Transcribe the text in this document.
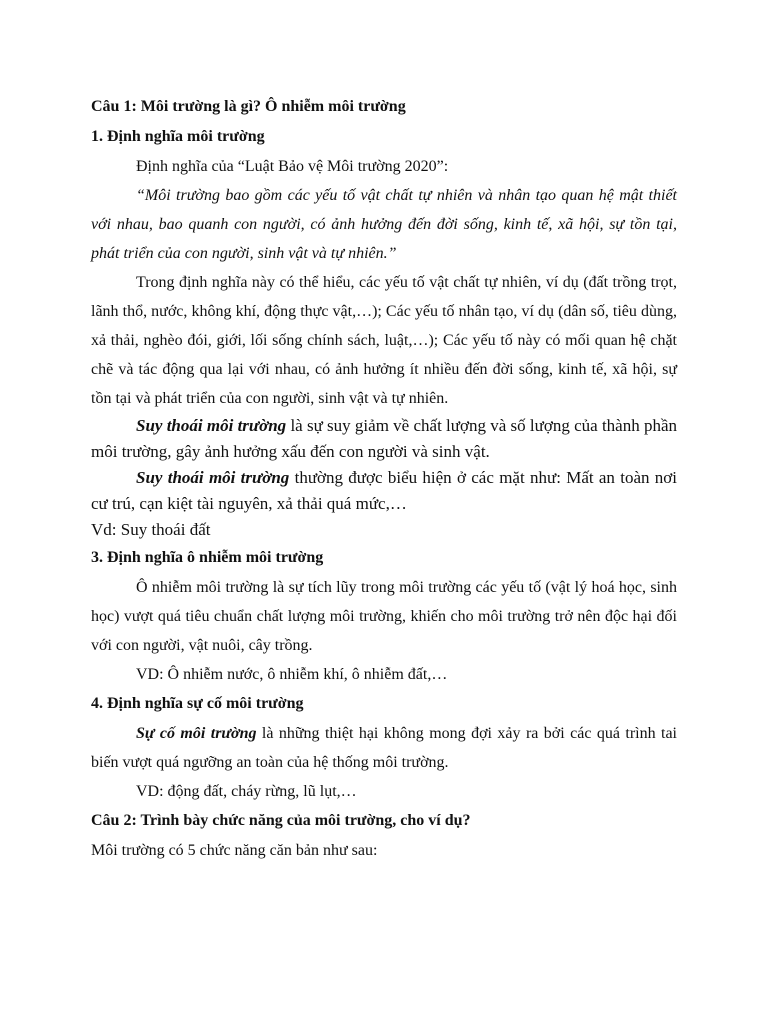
Câu 1: Môi trường là gì? Ô nhiễm môi trường

1. Định nghĩa môi trường

Định nghĩa của “Luật Bảo vệ Môi trường 2020”:

“Môi trường bao gồm các yếu tố vật chất tự nhiên và nhân tạo quan hệ mật thiết với nhau, bao quanh con người, có ảnh hưởng đến đời sống, kinh tế, xã hội, sự tồn tại, phát triển của con người, sinh vật và tự nhiên.”

Trong định nghĩa này có thể hiểu, các yếu tố vật chất tự nhiên, ví dụ (đất trồng trọt, lãnh thổ, nước, không khí, động thực vật,…); Các yếu tố nhân tạo, ví dụ (dân số, tiêu dùng, xả thải, nghèo đói, giới, lối sống chính sách, luật,…); Các yếu tố này có mối quan hệ chặt chẽ và tác động qua lại với nhau, có ảnh hưởng ít nhiều đến đời sống, kinh tế, xã hội, sự tồn tại và phát triển của con người, sinh vật và tự nhiên.

Suy thoái môi trường là sự suy giảm về chất lượng và số lượng của thành phần môi trường, gây ảnh hưởng xấu đến con người và sinh vật.

Suy thoái môi trường thường được biểu hiện ở các mặt như: Mất an toàn nơi cư trú, cạn kiệt tài nguyên, xả thải quá mức,…

Vd: Suy thoái đất

3. Định nghĩa ô nhiễm môi trường

Ô nhiễm môi trường là sự tích lũy trong môi trường các yếu tố (vật lý hoá học, sinh học) vượt quá tiêu chuẩn chất lượng môi trường, khiến cho môi trường trở nên độc hại đối với con người, vật nuôi, cây trồng.

VD: Ô nhiễm nước, ô nhiễm khí, ô nhiễm đất,…

4. Định nghĩa sự cố môi trường

Sự cố môi trường là những thiệt hại không mong đợi xảy ra bởi các quá trình tai biến vượt quá ngưỡng an toàn của hệ thống môi trường.

VD: động đất, cháy rừng, lũ lụt,…

Câu 2: Trình bày chức năng của môi trường, cho ví dụ?

Môi trường có 5 chức năng căn bản như sau:
